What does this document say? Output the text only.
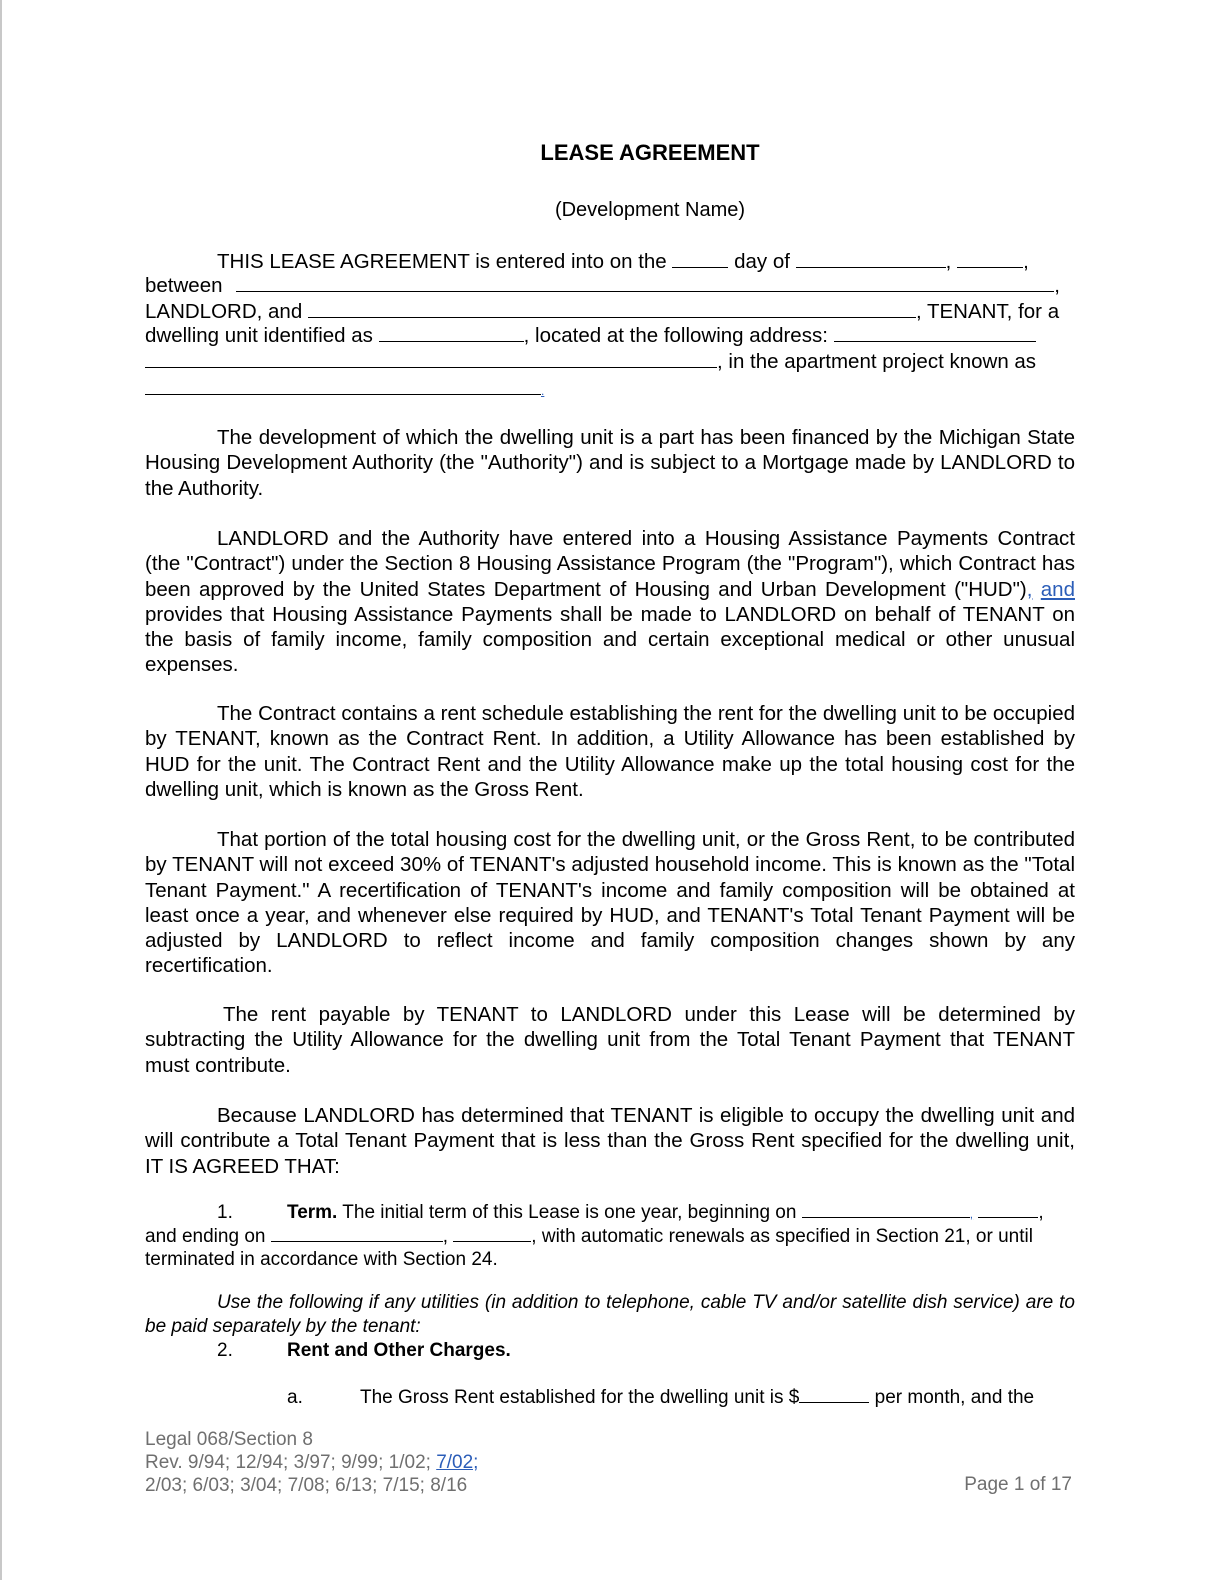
LEASE AGREEMENT
(Development Name)
THIS LEASE AGREEMENT is entered into on the	day of	,	,
between	,
LANDLORD, and	, TENANT, for a
dwelling unit identified as	, located at the following address:
, in the apartment project known as
.
The development of which the dwelling unit is a part has been financed by the Michigan State Housing Development Authority (the "Authority") and is subject to a Mortgage made by LANDLORD to the Authority.
LANDLORD and the Authority have entered into a Housing Assistance Payments Contract (the "Contract") under the Section 8 Housing Assistance Program (the "Program"), which Contract has been approved by the United States Department of Housing and Urban Development ("HUD"), and provides that Housing Assistance Payments shall be made to LANDLORD on behalf of TENANT on the basis of family income, family composition and certain exceptional medical or other unusual expenses.
The Contract contains a rent schedule establishing the rent for the dwelling unit to be occupied by TENANT, known as the Contract Rent. In addition, a Utility Allowance has been established by HUD for the unit. The Contract Rent and the Utility Allowance make up the total housing cost for the dwelling unit, which is known as the Gross Rent.
That portion of the total housing cost for the dwelling unit, or the Gross Rent, to be contributed by TENANT will not exceed 30% of TENANT's adjusted household income. This is known as the "Total Tenant Payment." A recertification of TENANT's income and family composition will be obtained at least once a year, and whenever else required by HUD, and TENANT's Total Tenant Payment will be adjusted by LANDLORD to reflect income and family composition changes shown by any recertification.
The rent payable by TENANT to LANDLORD under this Lease will be determined by subtracting the Utility Allowance for the dwelling unit from the Total Tenant Payment that TENANT must contribute.
Because LANDLORD has determined that TENANT is eligible to occupy the dwelling unit and will contribute a Total Tenant Payment that is less than the Gross Rent specified for the dwelling unit, IT IS AGREED THAT:
1.	Term. The initial term of this Lease is one year, beginning on	,	,
and ending on	,	, with automatic renewals as specified in Section 21, or until
terminated in accordance with Section 24.
Use the following if any utilities (in addition to telephone, cable TV and/or satellite dish service) are to be paid separately by the tenant:
2.	Rent and Other Charges.
a.	The Gross Rent established for the dwelling unit is $	per month, and the
Legal 068/Section 8
Rev. 9/94; 12/94; 3/97; 9/99; 1/02; 7/02;
2/03; 6/03; 3/04; 7/08; 6/13; 7/15; 8/16	Page 1 of 17
